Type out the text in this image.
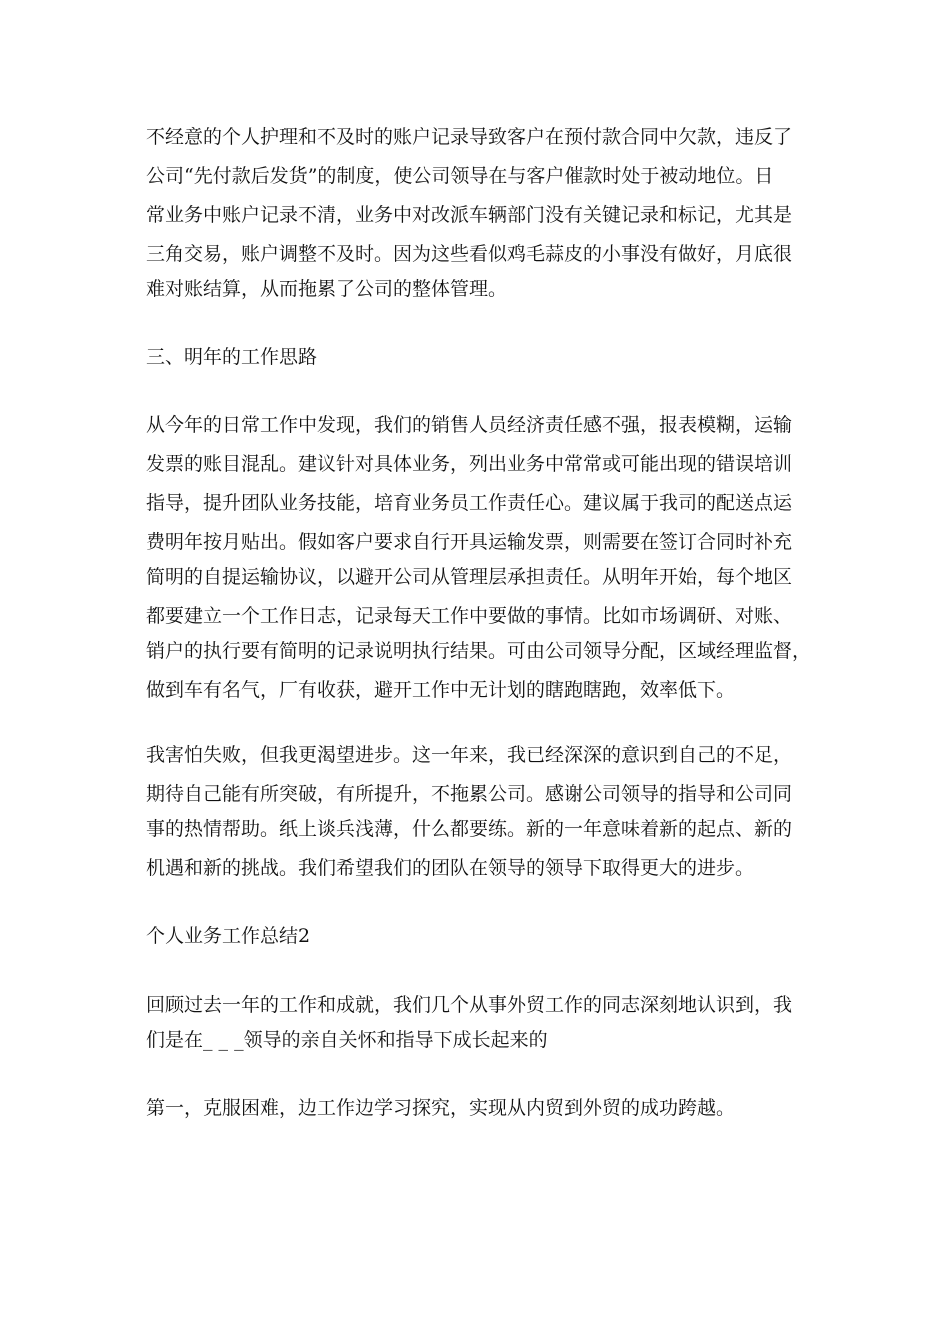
不经意的个人护理和不及时的账户记录导致客户在预付款合同中欠款，违反了
公司“先付款后发货”的制度，使公司领导在与客户催款时处于被动地位。日
常业务中账户记录不清，业务中对改派车辆部门没有关键记录和标记，尤其是
三角交易，账户调整不及时。因为这些看似鸡毛蒜皮的小事没有做好，月底很
难对账结算，从而拖累了公司的整体管理。
三、明年的工作思路
从今年的日常工作中发现，我们的销售人员经济责任感不强，报表模糊，运输
发票的账目混乱。建议针对具体业务，列出业务中常常或可能出现的错误培训
指导，提升团队业务技能，培育业务员工作责任心。建议属于我司的配送点运
费明年按月贴出。假如客户要求自行开具运输发票，则需要在签订合同时补充
简明的自提运输协议，以避开公司从管理层承担责任。从明年开始，每个地区
都要建立一个工作日志，记录每天工作中要做的事情。比如市场调研、对账、
销户的执行要有简明的记录说明执行结果。可由公司领导分配，区域经理监督，
做到车有名气，厂有收获，避开工作中无计划的瞎跑瞎跑，效率低下。
我害怕失败，但我更渴望进步。这一年来，我已经深深的意识到自己的不足，
期待自己能有所突破，有所提升，不拖累公司。感谢公司领导的指导和公司同
事的热情帮助。纸上谈兵浅薄，什么都要练。新的一年意味着新的起点、新的
机遇和新的挑战。我们希望我们的团队在领导的领导下取得更大的进步。
个人业务工作总结2
回顾过去一年的工作和成就，我们几个从事外贸工作的同志深刻地认识到，我
们是在_ _ _领导的亲自关怀和指导下成长起来的
第一，克服困难，边工作边学习探究，实现从内贸到外贸的成功跨越。
